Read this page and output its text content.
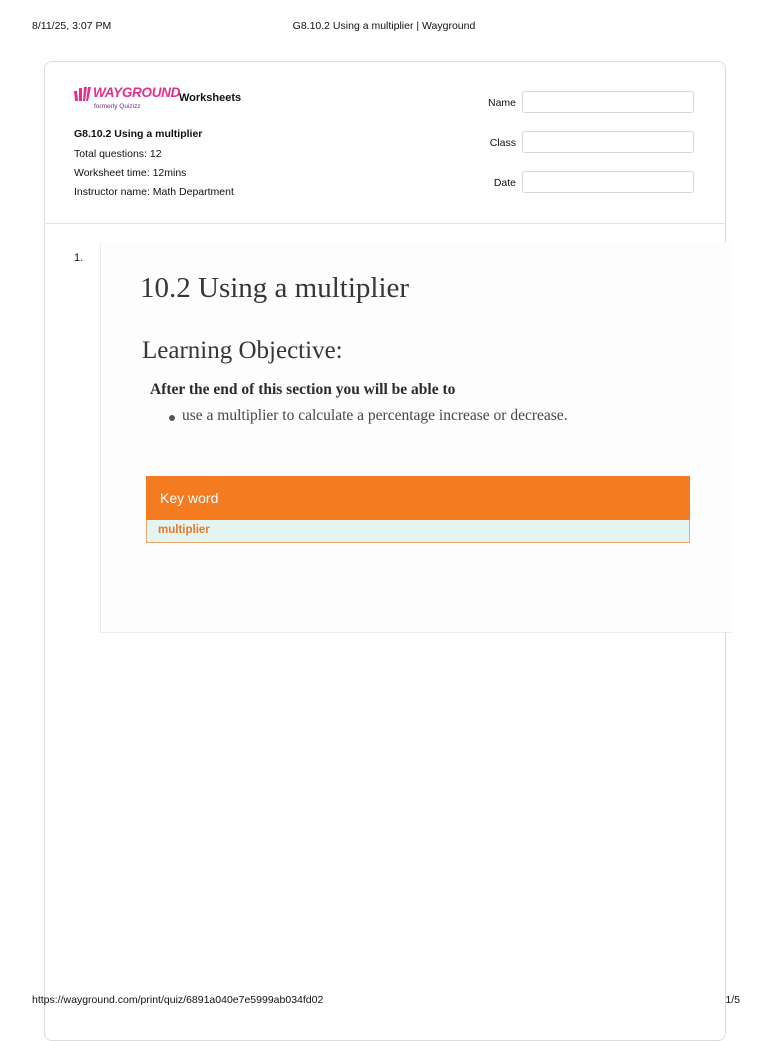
8/11/25, 3:07 PM	G8.10.2 Using a multiplier | Wayground
WAYGROUND
formerly Quizizz
Worksheets
G8.10.2 Using a multiplier
Total questions: 12
Worksheet time: 12mins
Instructor name: Math Department
Name
Class
Date
1.
10.2 Using a multiplier
Learning Objective:
After the end of this section you will be able to
use a multiplier to calculate a percentage increase or decrease.
Key word
multiplier
https://wayground.com/print/quiz/6891a040e7e5999ab034fd02	1/5
